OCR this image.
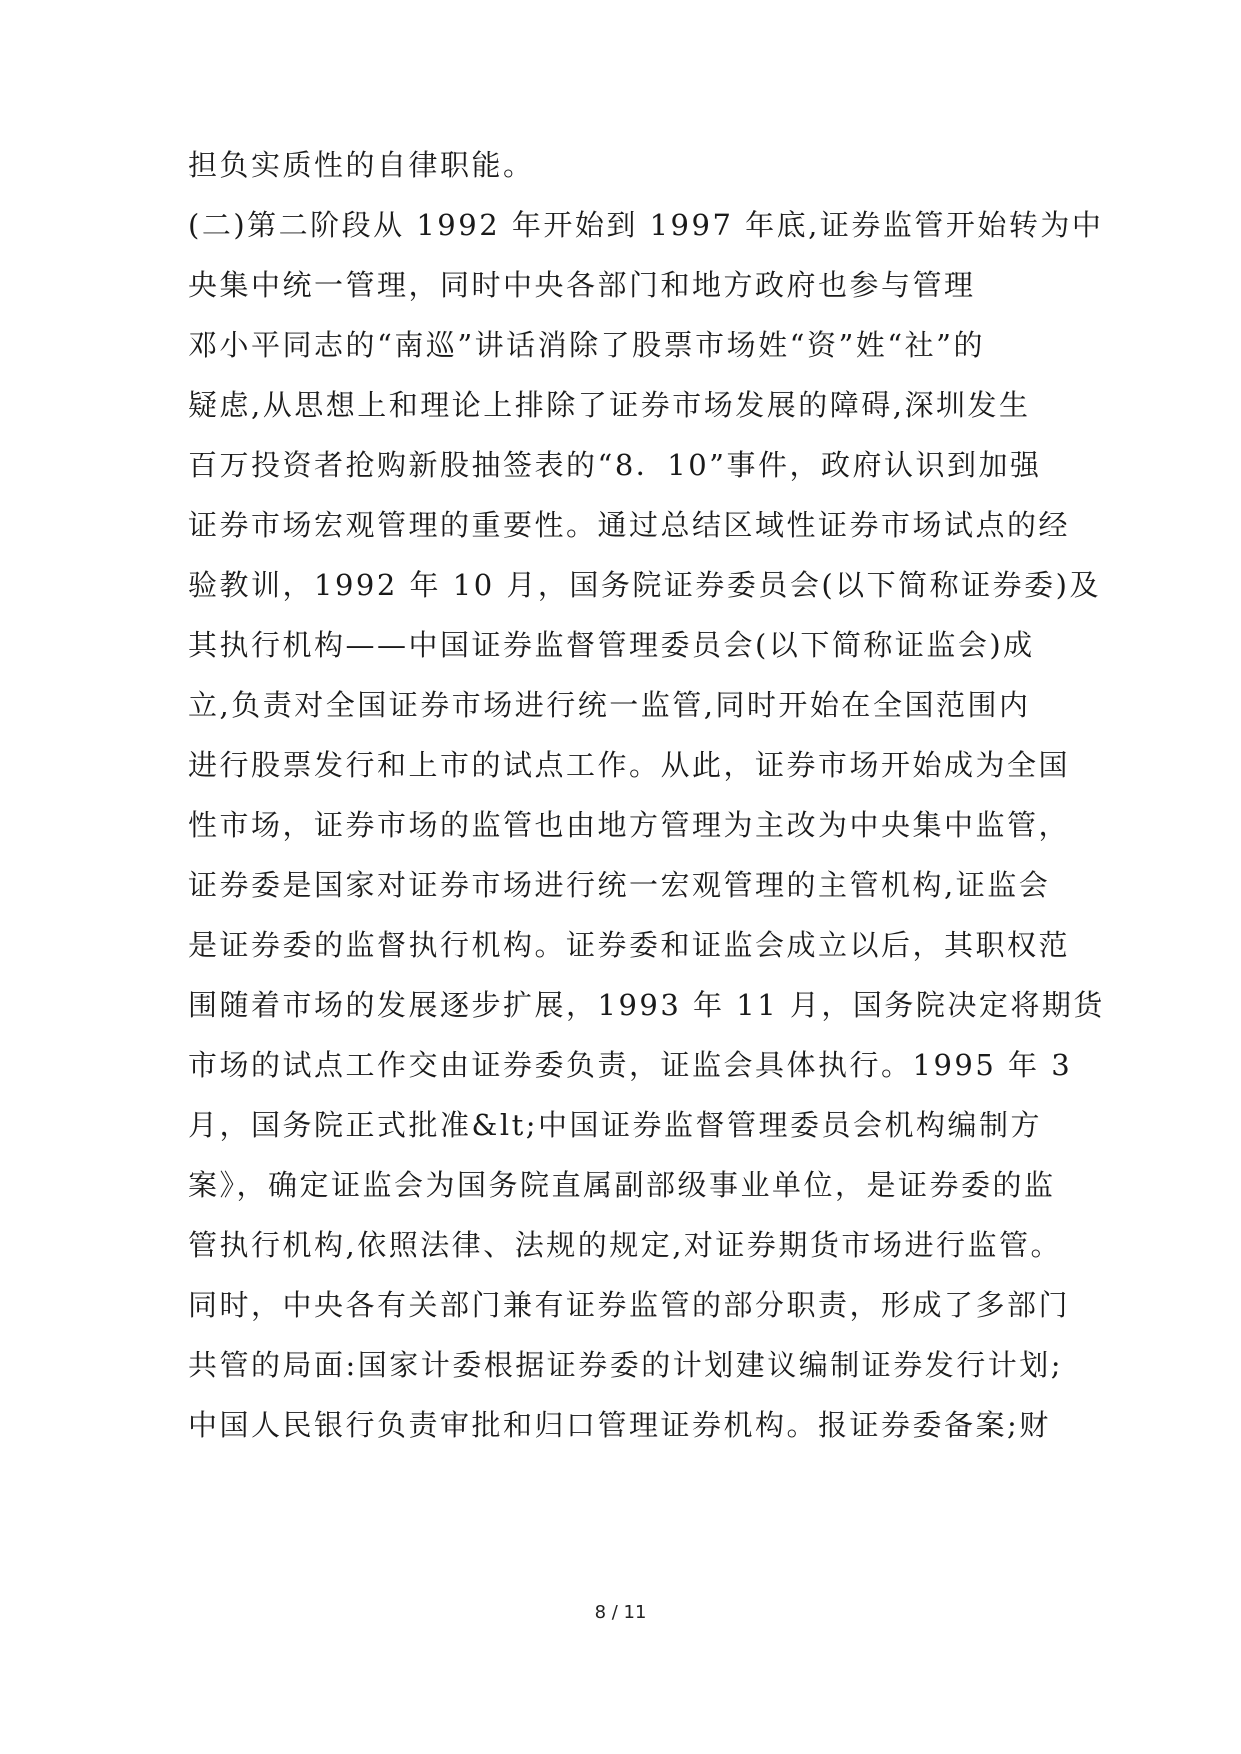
担负实质性的自律职能。
(二)第二阶段从 1992 年开始到 1997 年底,证券监管开始转为中
央集中统一管理，同时中央各部门和地方政府也参与管理
邓小平同志的“南巡”讲话消除了股票市场姓“资”姓“社”的
疑虑,从思想上和理论上排除了证券市场发展的障碍,深圳发生
百万投资者抢购新股抽签表的“8．10”事件，政府认识到加强
证券市场宏观管理的重要性。通过总结区域性证券市场试点的经
验教训，1992 年 10 月，国务院证券委员会(以下简称证券委)及
其执行机构——中国证券监督管理委员会(以下简称证监会)成
立,负责对全国证券市场进行统一监管,同时开始在全国范围内
进行股票发行和上市的试点工作。从此，证券市场开始成为全国
性市场，证券市场的监管也由地方管理为主改为中央集中监管，
证券委是国家对证券市场进行统一宏观管理的主管机构,证监会
是证券委的监督执行机构。证券委和证监会成立以后，其职权范
围随着市场的发展逐步扩展，1993 年 11 月，国务院决定将期货
市场的试点工作交由证券委负责，证监会具体执行。1995 年 3
月，国务院正式批准&lt;中国证券监督管理委员会机构编制方
案》，确定证监会为国务院直属副部级事业单位，是证券委的监
管执行机构,依照法律、法规的规定,对证券期货市场进行监管。
同时，中央各有关部门兼有证券监管的部分职责，形成了多部门
共管的局面:国家计委根据证券委的计划建议编制证券发行计划;
中国人民银行负责审批和归口管理证券机构。报证券委备案;财
8 / 11
